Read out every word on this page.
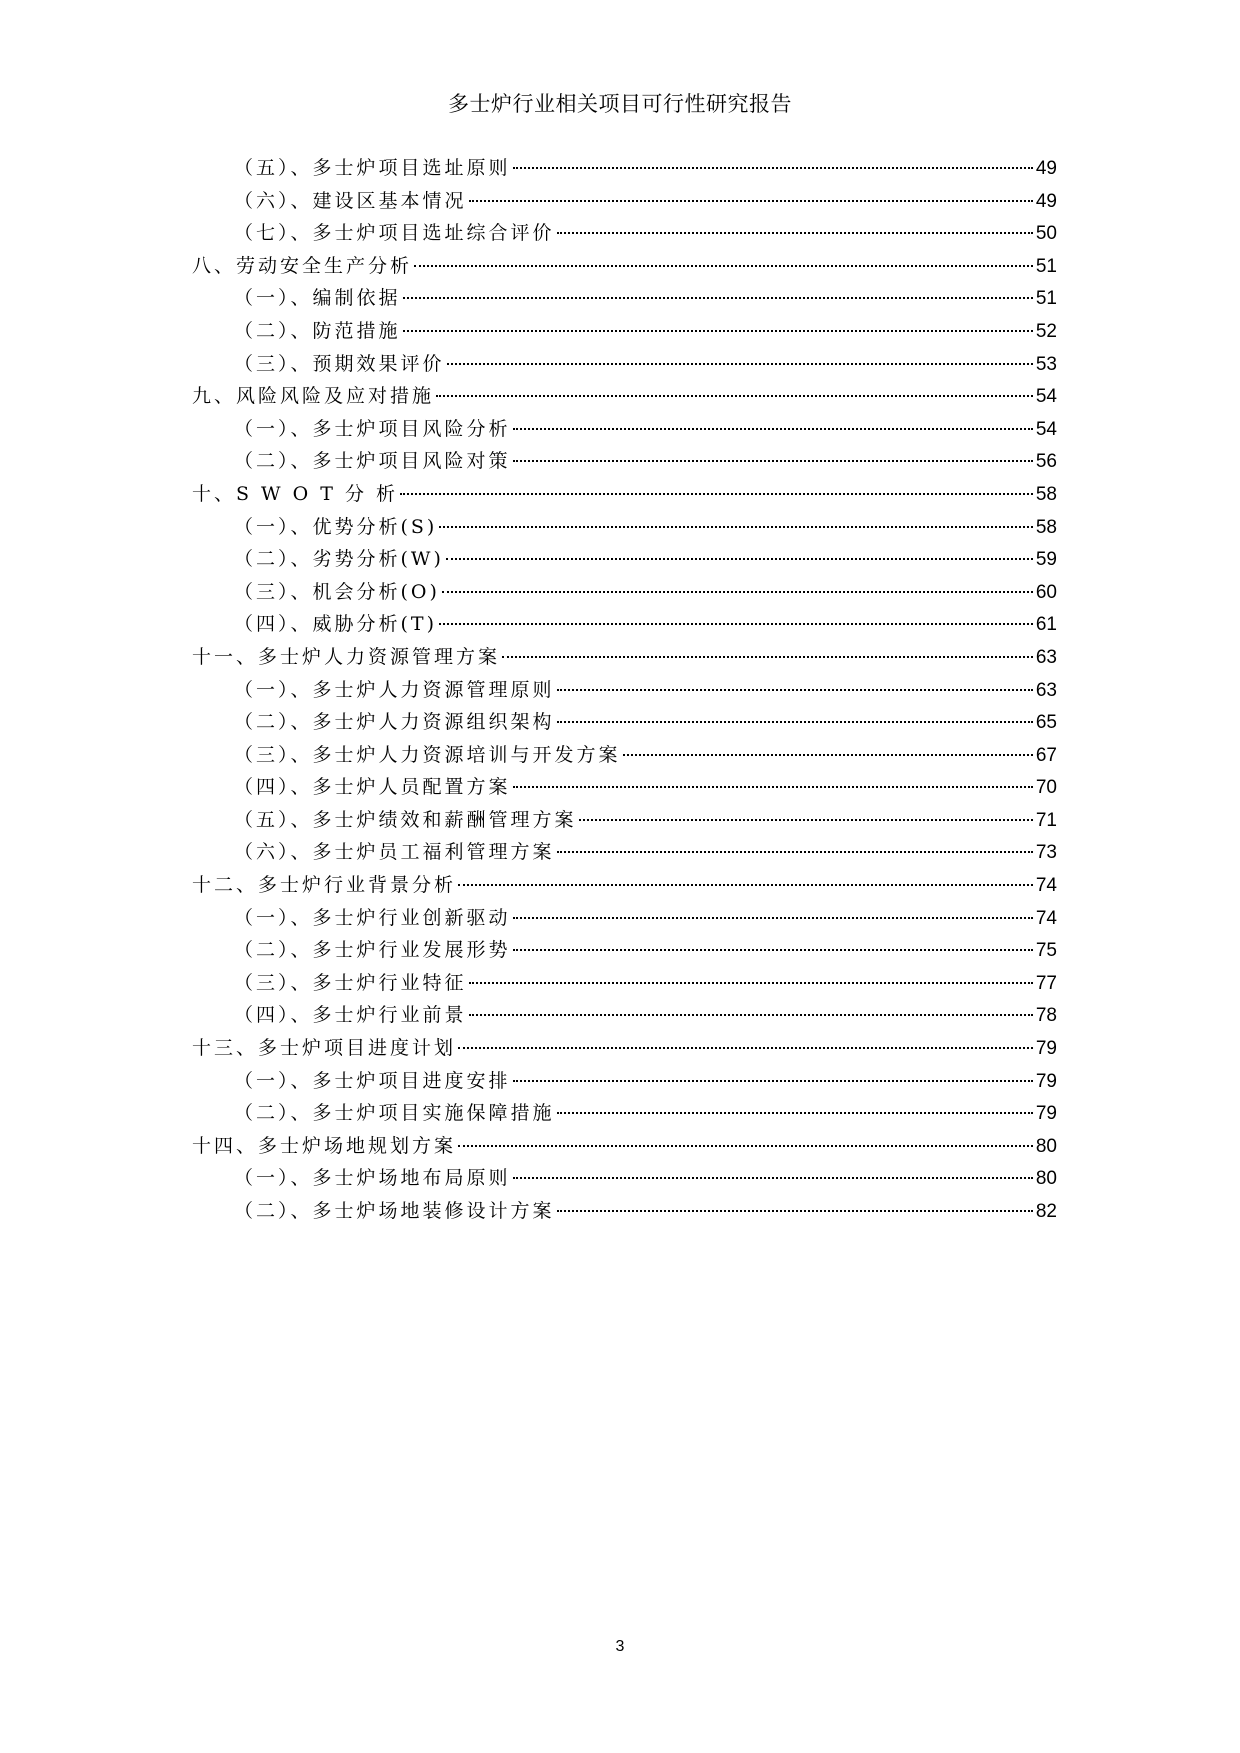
多士炉行业相关项目可行性研究报告
（五）、多士炉项目选址原则	49
（六）、建设区基本情况	49
（七）、多士炉项目选址综合评价	50
八、劳动安全生产分析	51
（一）、编制依据	51
（二）、防范措施	52
（三）、预期效果评价	53
九、风险风险及应对措施	54
（一）、多士炉项目风险分析	54
（二）、多士炉项目风险对策	56
十、S W O T 分 析	58
（一）、优势分析(S)	58
（二）、劣势分析(W)	59
（三）、机会分析(O)	60
（四）、威胁分析(T)	61
十一、多士炉人力资源管理方案	63
（一）、多士炉人力资源管理原则	63
（二）、多士炉人力资源组织架构	65
（三）、多士炉人力资源培训与开发方案	67
（四）、多士炉人员配置方案	70
（五）、多士炉绩效和薪酬管理方案	71
（六）、多士炉员工福利管理方案	73
十二、多士炉行业背景分析	74
（一）、多士炉行业创新驱动	74
（二）、多士炉行业发展形势	75
（三）、多士炉行业特征	77
（四）、多士炉行业前景	78
十三、多士炉项目进度计划	79
（一）、多士炉项目进度安排	79
（二）、多士炉项目实施保障措施	79
十四、多士炉场地规划方案	80
（一）、多士炉场地布局原则	80
（二）、多士炉场地装修设计方案	82
3
